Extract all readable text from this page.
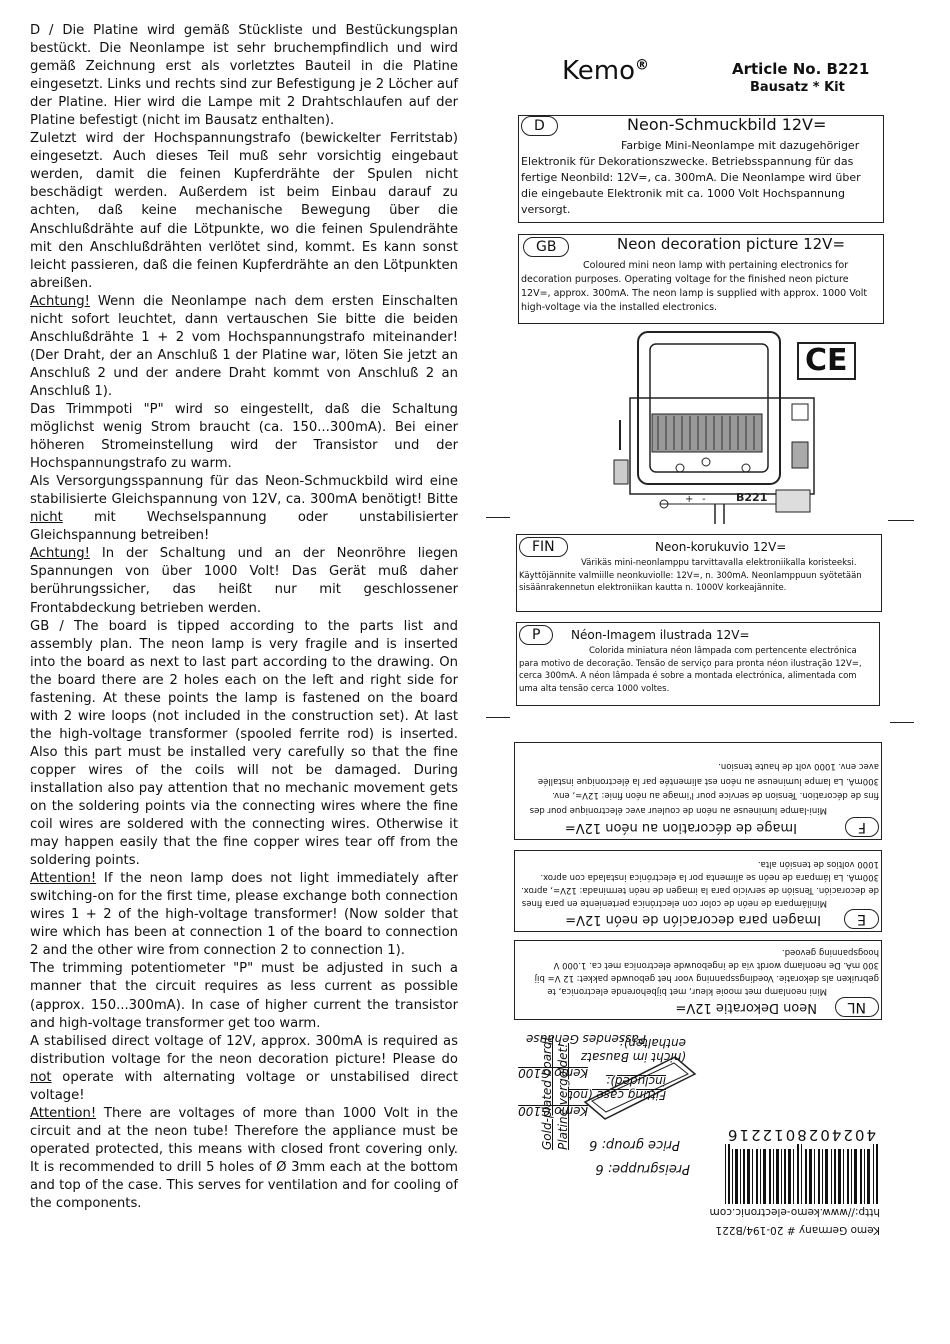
D / Die Platine wird gemäß Stückliste und Bestückungsplan bestückt. Die Neonlampe ist sehr bruchempfindlich und wird gemäß Zeichnung erst als vorletztes Bauteil in die Platine eingesetzt. Links und rechts sind zur Befestigung je 2 Löcher auf der Platine. Hier wird die Lampe mit 2 Drahtschlaufen auf der Platine befestigt (nicht im Bausatz enthalten).

Zuletzt wird der Hochspannungstrafo (bewickelter Ferritstab) eingesetzt. Auch dieses Teil muß sehr vorsichtig eingebaut werden, damit die feinen Kupferdrähte der Spulen nicht beschädigt werden. Außerdem ist beim Einbau darauf zu achten, daß keine mechanische Bewegung über die Anschlußdrähte auf die Lötpunkte, wo die feinen Spulendrähte mit den Anschlußdrähten verlötet sind, kommt. Es kann sonst leicht passieren, daß die feinen Kupferdrähte an den Lötpunkten abreißen.

Achtung! Wenn die Neonlampe nach dem ersten Einschalten nicht sofort leuchtet, dann vertauschen Sie bitte die beiden Anschlußdrähte 1 + 2 vom Hochspannungstrafo miteinander! (Der Draht, der an Anschluß 1 der Platine war, löten Sie jetzt an Anschluß 2 und der andere Draht kommt von Anschluß 2 an Anschluß 1).

Das Trimmpoti "P" wird so eingestellt, daß die Schaltung möglichst wenig Strom braucht (ca. 150...300mA). Bei einer höheren Stromeinstellung wird der Transistor und der Hochspannungstrafo zu warm.

Als Versorgungsspannung für das Neon-Schmuckbild wird eine stabilisierte Gleichspannung von 12V, ca. 300mA benötigt! Bitte nicht mit Wechselspannung oder unstabilisierter Gleichspannung betreiben!

Achtung! In der Schaltung und an der Neonröhre liegen Spannungen von über 1000 Volt! Das Gerät muß daher berührungssicher, das heißt nur mit geschlossener Frontabdeckung betrieben werden.

GB / The board is tipped according to the parts list and assembly plan. The neon lamp is very fragile and is inserted into the board as next to last part according to the drawing. On the board there are 2 holes each on the left and right side for fastening. At these points the lamp is fastened on the board with 2 wire loops (not included in the construction set). At last the high-voltage transformer (spooled ferrite rod) is inserted. Also this part must be installed very carefully so that the fine copper wires of the coils will not be damaged. During installation also pay attention that no mechanic movement gets on the soldering points via the connecting wires where the fine coil wires are soldered with the connecting wires. Otherwise it may happen easily that the fine copper wires tear off from the soldering points.

Attention! If the neon lamp does not light immediately after switching-on for the first time, please exchange both connection wires 1 + 2 of the high-voltage transformer! (Now solder that wire which has been at connection 1 of the board to connection 2 and the other wire from connection 2 to connection 1).

The trimming potentiometer "P" must be adjusted in such a manner that the circuit requires as less current as possible (approx. 150...300mA). In case of higher current the transistor and high-voltage transformer get too warm.

A stabilised direct voltage of 12V, approx. 300mA is required as distribution voltage for the neon decoration picture! Please do not operate with alternating voltage or unstabilised direct voltage!

Attention! There are voltages of more than 1000 Volt in the circuit and at the neon tube! Therefore the appliance must be operated protected, this means with closed front covering only. It is recommended to drill 5 holes of Ø 3mm each at the bottom and top of the case. This serves for ventilation and for cooling of the components.

Kemo®	Article No. B221
Bausatz * Kit
D	Neon-Schmuckbild 12V=
Farbige Mini-Neonlampe mit dazugehöriger Elektronik für Dekorationszwecke. Betriebsspannung für das fertige Neonbild: 12V=, ca. 300mA. Die Neonlampe wird über die eingebaute Elektronik mit ca. 1000 Volt Hochspannung versorgt.
GB	Neon decoration picture 12V=
Coloured mini neon lamp with pertaining electronics for decoration purposes. Operating voltage for the finished neon picture 12V=, approx. 300mA. The neon lamp is supplied with approx. 1000 Volt high-voltage via the installed electronics.
+ -	B221
CE
FIN	Neon-korukuvio 12V=
Värikäs mini-neonlamppu tarvittavalla elektroniikalla koristeeksi. Käyttöjännite valmiille neonkuviolle: 12V=, n. 300mA. Neonlamppuun syötetään sisäänrakennetun elektroniikan kautta n. 1000V korkeajännite.
P	Néon-Imagem ilustrada 12V=
Colorida miniatura néon lâmpada com pertencente electrónica para motivo de decoração. Tensão de serviço para pronta néon ilustração 12V=, cerca 300mA. A néon lâmpada é sobre a montada electrónica, alimentada com uma alta tensão cerca 1000 voltes.
F
Image de décoration au néon 12V=
Mini-lampe lumineuse au néon de couleur avec électronique pour des fins de décoration. Tension de service pour l'image au néon finie: 12V=, env. 300mA. La lampe lumineuse au néon est alimentée par la électronique installée avec env. 1000 volt de haute tension.
E
Imagen para decoración de neón 12V=
Minilámpara de neón de color con electrónica perteniente en para fines de decoración. Tensión de servicio para la imagen de neón terminada: 12V=, aprox. 300mA. La lámpara de neón se alimenta por la electrónica instalada con aprox. 1000 voltios de tensión alta.
NL
Neon Dekoratie 12V=
Mini neonlamp met mooie kleur, met bijbehorende electronica, te gebruiken als dekoratie. Voedingsspanning voor het gebouwde pakket: 12 V= bij 300 mA. De neonlamp wordt via de ingebouwde electronica met ca. 1.000 V hoogspanning gevoed.
Kemo Germany # 20-194/B221
http://www.kemo-electronic.com
4024028012216
Preisgruppe: 6
Price group: 6
Platine vergoldet!
Gold-plated board!
Kemo G100
Fitting case (not included):
Kemo G100
(nicht im Bausatz enthalten):
Passendes Gehäuse
